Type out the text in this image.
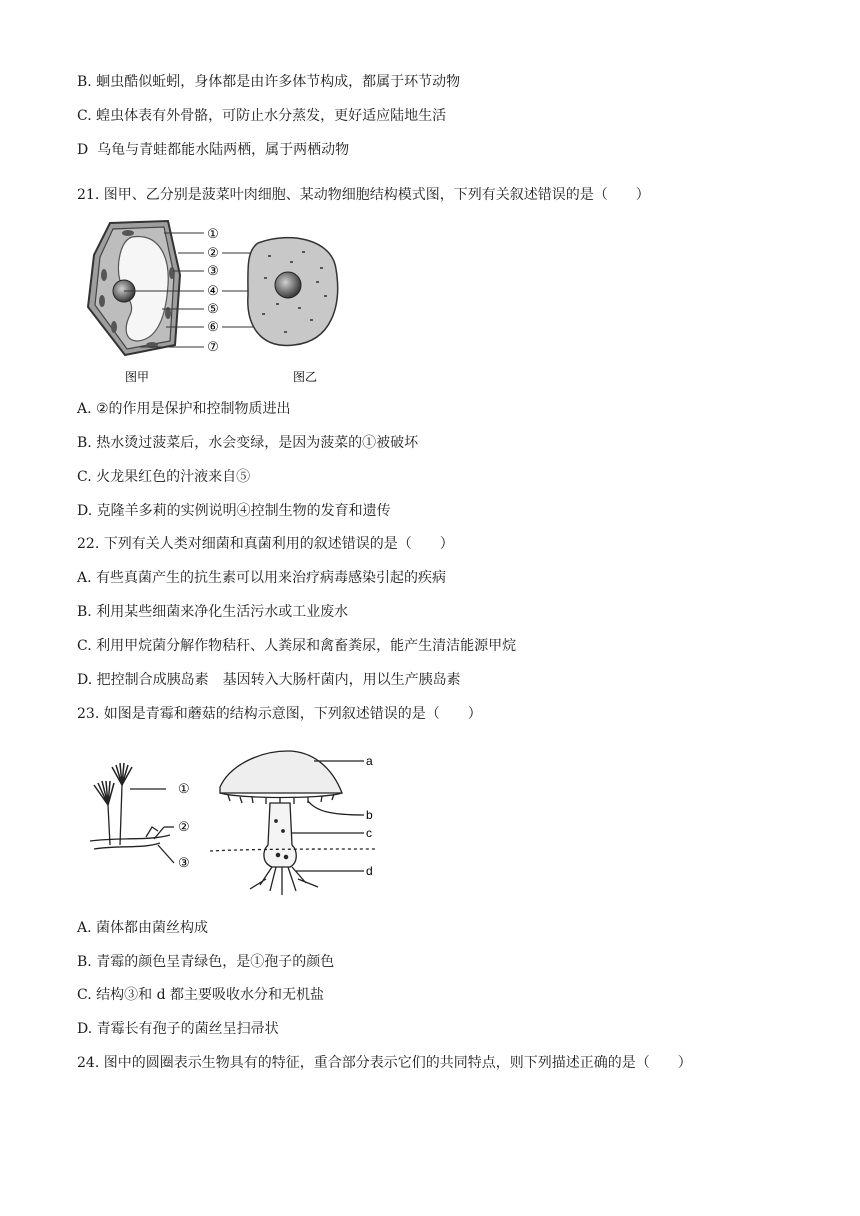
B. 蛔虫酷似蚯蚓，身体都是由许多体节构成，都属于环节动物
C. 蝗虫体表有外骨骼，可防止水分蒸发，更好适应陆地生活
D  乌龟与青蛙都能水陆两栖，属于两栖动物
21. 图甲、乙分别是菠菜叶肉细胞、某动物细胞结构模式图，下列有关叙述错误的是（　　）
①
②
③
④
⑤
⑥
⑦
图甲	图乙
A. ②的作用是保护和控制物质进出
B. 热水烫过菠菜后，水会变绿，是因为菠菜的①被破坏
C. 火龙果红色的汁液来自⑤
D. 克隆羊多莉的实例说明④控制生物的发育和遗传
22. 下列有关人类对细菌和真菌利用的叙述错误的是（　　）
A. 有些真菌产生的抗生素可以用来治疗病毒感染引起的疾病
B. 利用某些细菌来净化生活污水或工业废水
C. 利用甲烷菌分解作物秸秆、人粪尿和禽畜粪尿，能产生清洁能源甲烷
D. 把控制合成胰岛素　基因转入大肠杆菌内，用以生产胰岛素
23. 如图是青霉和蘑菇的结构示意图，下列叙述错误的是（　　）
①
②
③
a
b
c
d
A. 菌体都由菌丝构成
B. 青霉的颜色呈青绿色，是①孢子的颜色
C. 结构③和 d 都主要吸收水分和无机盐
D. 青霉长有孢子的菌丝呈扫帚状
24. 图中的圆圈表示生物具有的特征，重合部分表示它们的共同特点，则下列描述正确的是（　　）
